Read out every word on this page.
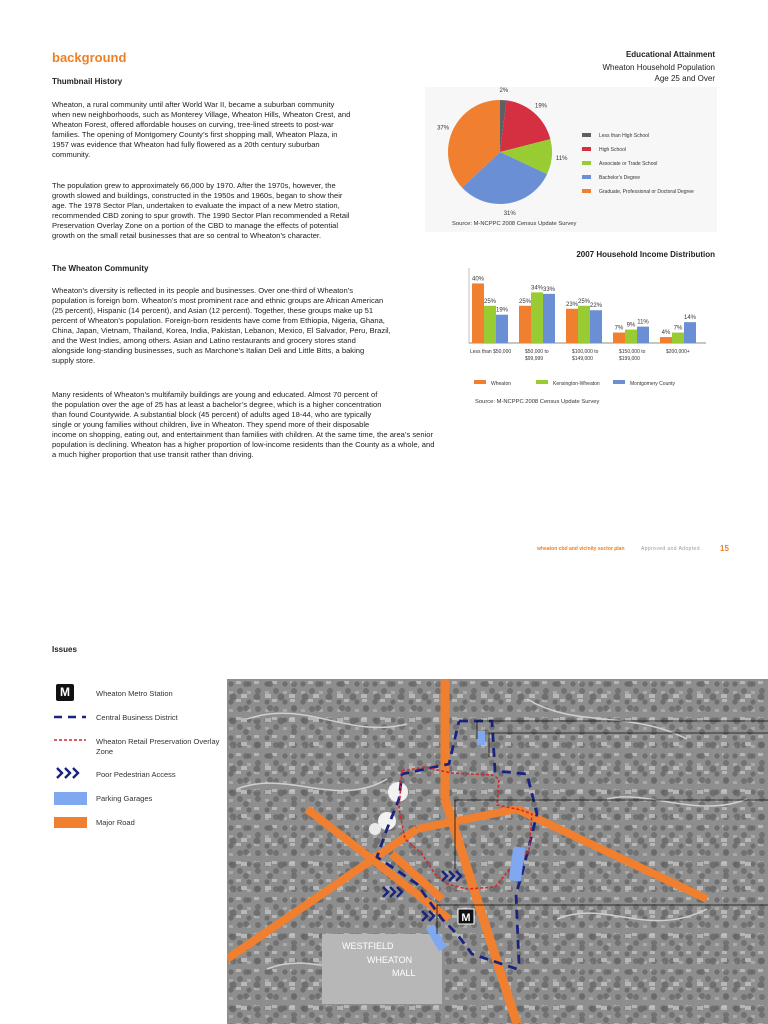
background
Thumbnail History
Wheaton, a rural community until after World War II, became a suburban community
when new neighborhoods, such as Monterey Village, Wheaton Hills, Wheaton Crest, and
Wheaton Forest, offered affordable houses on curving, tree-lined streets to post-war
families. The opening of Montgomery County’s first shopping mall, Wheaton Plaza, in
1957 was evidence that Wheaton had fully flowered as a 20th century suburban
community.
The population grew to approximately 66,000 by 1970. After the 1970s, however, the
growth slowed and buildings, constructed in the 1950s and 1960s, began to show their
age. The 1978 Sector Plan, undertaken to evaluate the impact of a new Metro station,
recommended CBD zoning to spur growth. The 1990 Sector Plan recommended a Retail
Preservation Overlay Zone on a portion of the CBD to manage the effects of potential
growth on the small retail businesses that are so central to Wheaton’s character.
The Wheaton Community
Wheaton’s diversity is reflected in its people and businesses. Over one-third of Wheaton’s
population is foreign born. Wheaton’s most prominent race and ethnic groups are African American
(25 percent), Hispanic (14 percent), and Asian (12 percent). Together, these groups make up 51
percent of Wheaton’s population. Foreign-born residents have come from Ethiopia, Nigeria, Ghana,
China, Japan, Vietnam, Thailand, Korea, India, Pakistan, Lebanon, Mexico, El Salvador, Peru, Brazil,
and the West Indies, among others. Asian and Latino restaurants and grocery stores stand
alongside long-standing businesses, such as Marchone’s Italian Deli and Little Bitts, a baking
supply store.
Many residents of Wheaton’s multifamily buildings are young and educated. Almost 70 percent of
the population over the age of 25 has at least a bachelor’s degree, which is a higher concentration
than found Countywide. A substantial block (45 percent) of adults aged 18-44, who are typically
single or young families without children, live in Wheaton. They spend more of their disposable
income on shopping, eating out, and entertainment than families with children. At the same time, the area’s senior
population is declining. Wheaton has a higher proportion of low-income residents than the County as a whole, and
a much higher proportion that use transit rather than driving.
Educational Attainment
Wheaton Household Population
Age 25 and Over
2%
19%
11%
31%
37%
Less than High School
High School
Associate or Trade School
Bachelor's Degree
Graduate, Professional or Doctoral Degree
Source: M-NCPPC 2008 Census Update Survey
2007 Household Income Distribution
40%
25%
19%
Less than $50,000
25%
34% 33%
$50,000 to
$99,999
23% 25%
22%
$100,000 to
$149,000
7% 9% 11%
$150,000 to
$199,000
4%
7%
14%
$200,000+
Wheaton	Kensington-Wheaton	Montgomery County
Source: M-NCPPC 2008 Census Update Survey
wheaton cbd and vicinity sector plan	Approved and Adopted	15
Issues
M	Wheaton Metro Station
Central Business District
Wheaton Retail Preservation Overlay Zone
Poor Pedestrian Access
Parking Garages
Major Road
M
WESTFIELD
WHEATON
MALL
